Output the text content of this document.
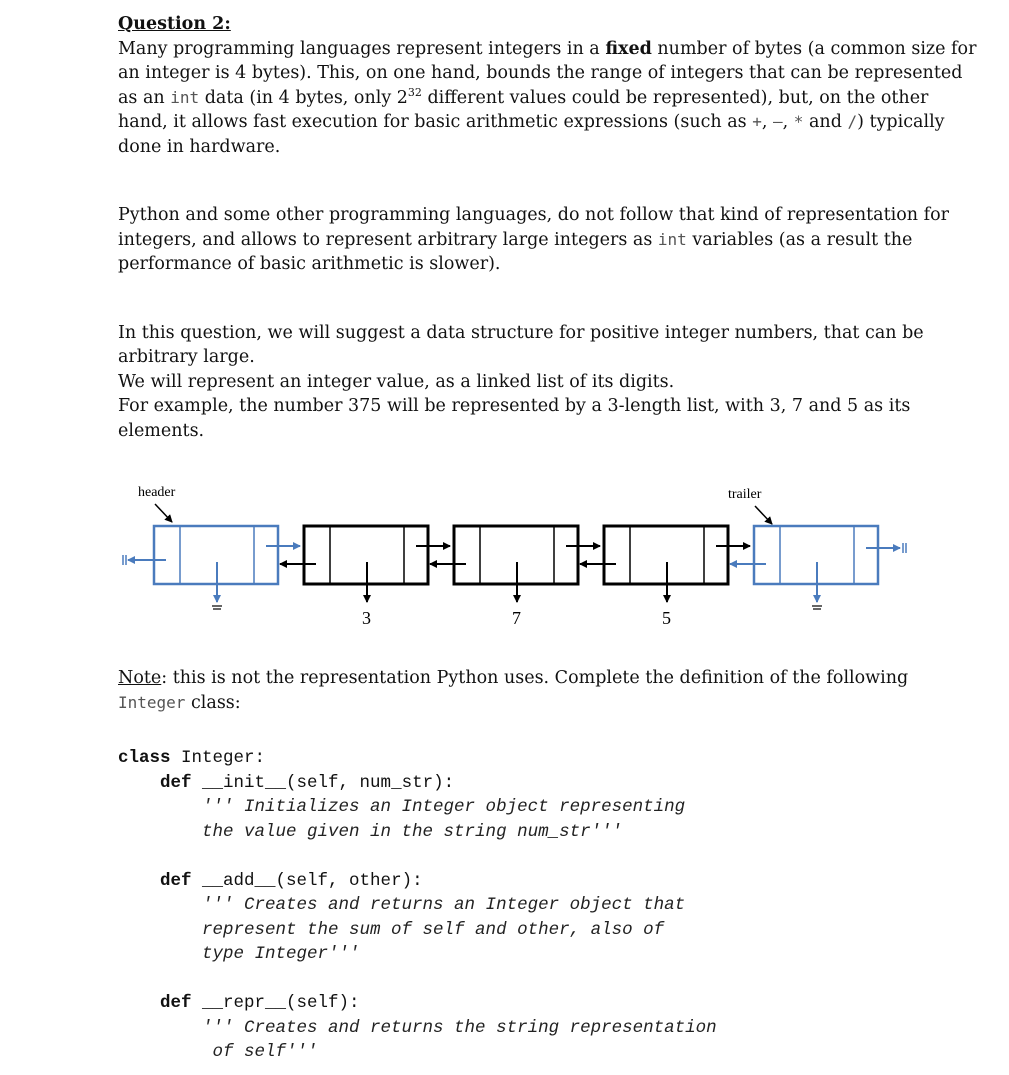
Question 2:

Many programming languages represent integers in a fixed number of bytes (a common size for an integer is 4 bytes). This, on one hand, bounds the range of integers that can be represented as an int data (in 4 bytes, only $2^{32}$ different values could be represented), but, on the other hand, it allows fast execution for basic arithmetic expressions (such as +, –, * and /) typically done in hardware.

Python and some other programming languages, do not follow that kind of representation for integers, and allows to represent arbitrary large integers as int variables (as a result the performance of basic arithmetic is slower).

In this question, we will suggest a data structure for positive integer numbers, that can be arbitrary large.

We will represent an integer value, as a linked list of its digits.

For example, the number 375 will be represented by a 3-length list, with 3, 7 and 5 as its elements.

header	trailer
3	7	5

Note: this is not the representation Python uses. Complete the definition of the following Integer class:

class Integer:
def __init__(self, num_str):
''' Initializes an Integer object representing
the value given in the string num_str'''
def __add__(self, other):
''' Creates and returns an Integer object that
represent the sum of self and other, also of
type Integer'''
def __repr__(self):
''' Creates and returns the string representation
of self'''
